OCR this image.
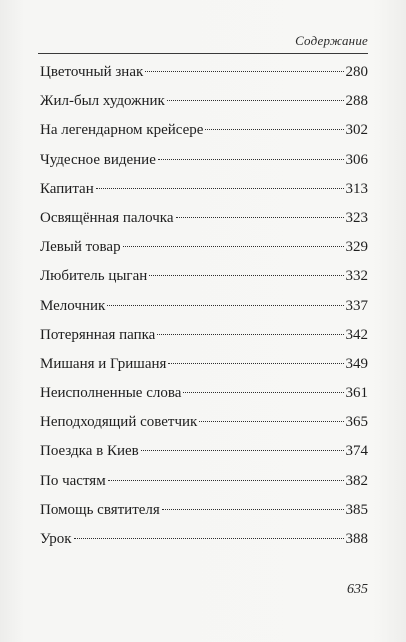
Содержание
Цветочный знак	280
Жил-был художник	288
На легендарном крейсере	302
Чудесное видение	306
Капитан	313
Освящённая палочка	323
Левый товар	329
Любитель цыган	332
Мелочник	337
Потерянная папка	342
Мишаня и Гришаня	349
Неисполненные слова	361
Неподходящий советчик	365
Поездка в Киев	374
По частям	382
Помощь святителя	385
Урок	388
635
